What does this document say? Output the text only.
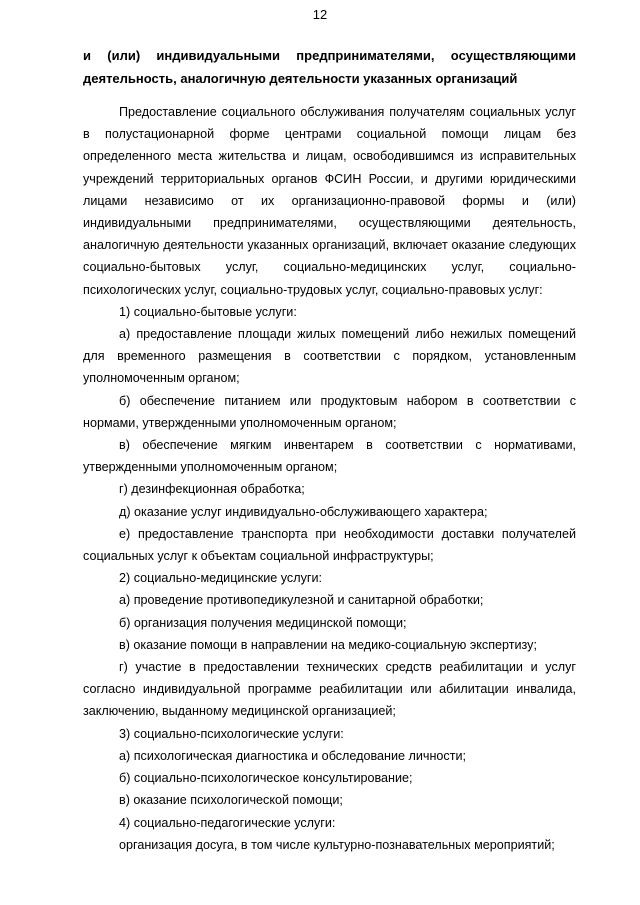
12

и (или) индивидуальными предпринимателями, осуществляющими деятельность, аналогичную деятельности указанных организаций

Предоставление социального обслуживания получателям социальных услуг в полустационарной форме центрами социальной помощи лицам без определенного места жительства и лицам, освободившимся из исправительных учреждений территориальных органов ФСИН России, и другими юридическими лицами независимо от их организационно-правовой формы и (или) индивидуальными предпринимателями, осуществляющими деятельность, аналогичную деятельности указанных организаций, включает оказание следующих социально-бытовых услуг, социально-медицинских услуг, социально-психологических услуг, социально-трудовых услуг, социально-правовых услуг:

1) социально-бытовые услуги:

а) предоставление площади жилых помещений либо нежилых помещений для временного размещения в соответствии с порядком, установленным уполномоченным органом;

б) обеспечение питанием или продуктовым набором в соответствии с нормами, утвержденными уполномоченным органом;

в) обеспечение мягким инвентарем в соответствии с нормативами, утвержденными уполномоченным органом;

г) дезинфекционная обработка;

д) оказание услуг индивидуально-обслуживающего характера;

е) предоставление транспорта при необходимости доставки получателей социальных услуг к объектам социальной инфраструктуры;

2) социально-медицинские услуги:

а) проведение противопедикулезной и санитарной обработки;

б) организация получения медицинской помощи;

в) оказание помощи в направлении на медико-социальную экспертизу;

г) участие в предоставлении технических средств реабилитации и услуг согласно индивидуальной программе реабилитации или абилитации инвалида, заключению, выданному медицинской организацией;

3) социально-психологические услуги:

а) психологическая диагностика и обследование личности;

б) социально-психологическое консультирование;

в) оказание психологической помощи;

4) социально-педагогические услуги:

организация досуга, в том числе культурно-познавательных мероприятий;
